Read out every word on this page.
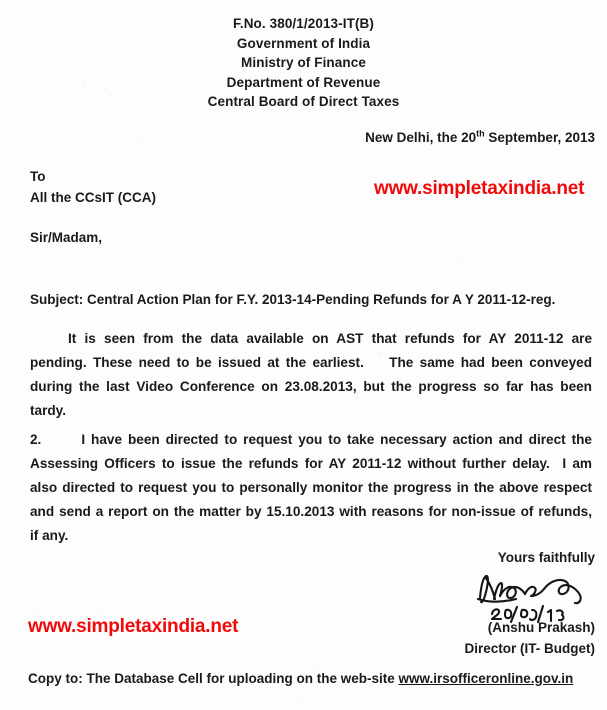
F.No. 380/1/2013-IT(B)
Government of India
Ministry of Finance
Department of Revenue
Central Board of Direct Taxes
New Delhi, the 20th September, 2013
To
All the CCsIT (CCA)
Sir/Madam,
www.simpletaxindia.net
www.simpletaxindia.net
Subject: Central Action Plan for F.Y. 2013-14-Pending Refunds for A Y 2011-12-reg.
It is seen from the data available on AST that refunds for AY 2011-12 are
pending. These need to be issued at the earliest.    The same had been conveyed
during the last Video Conference on 23.08.2013, but the progress so far has been
tardy.
2.	I have been directed to request you to take necessary action and direct the
Assessing Officers to issue the refunds for AY 2011-12 without further delay.  I am
also directed to request you to personally monitor the progress in the above respect
and send a report on the matter by 15.10.2013 with reasons for non-issue of refunds,
if any.
Yours faithfully
(Anshu Prakash)
Director (IT- Budget)
Copy to: The Database Cell for uploading on the web-site www.irsofficeronline.gov.in
